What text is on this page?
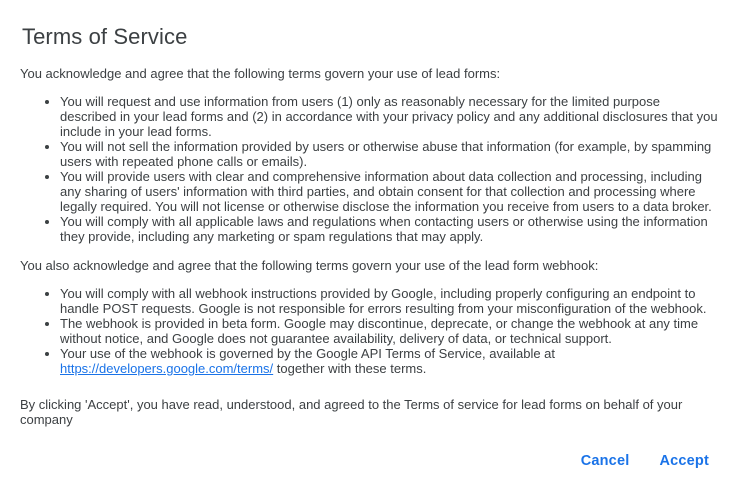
Terms of Service

You acknowledge and agree that the following terms govern your use of lead forms:

• You will request and use information from users (1) only as reasonably necessary for the limited purpose described in your lead forms and (2) in accordance with your privacy policy and any additional disclosures that you include in your lead forms.
• You will not sell the information provided by users or otherwise abuse that information (for example, by spamming users with repeated phone calls or emails).
• You will provide users with clear and comprehensive information about data collection and processing, including any sharing of users' information with third parties, and obtain consent for that collection and processing where legally required. You will not license or otherwise disclose the information you receive from users to a data broker.
• You will comply with all applicable laws and regulations when contacting users or otherwise using the information they provide, including any marketing or spam regulations that may apply.

You also acknowledge and agree that the following terms govern your use of the lead form webhook:

• You will comply with all webhook instructions provided by Google, including properly configuring an endpoint to handle POST requests. Google is not responsible for errors resulting from your misconfiguration of the webhook.
• The webhook is provided in beta form. Google may discontinue, deprecate, or change the webhook at any time without notice, and Google does not guarantee availability, delivery of data, or technical support.
• Your use of the webhook is governed by the Google API Terms of Service, available at https://developers.google.com/terms/ together with these terms.

By clicking 'Accept', you have read, understood, and agreed to the Terms of service for lead forms on behalf of your company

Cancel Accept
